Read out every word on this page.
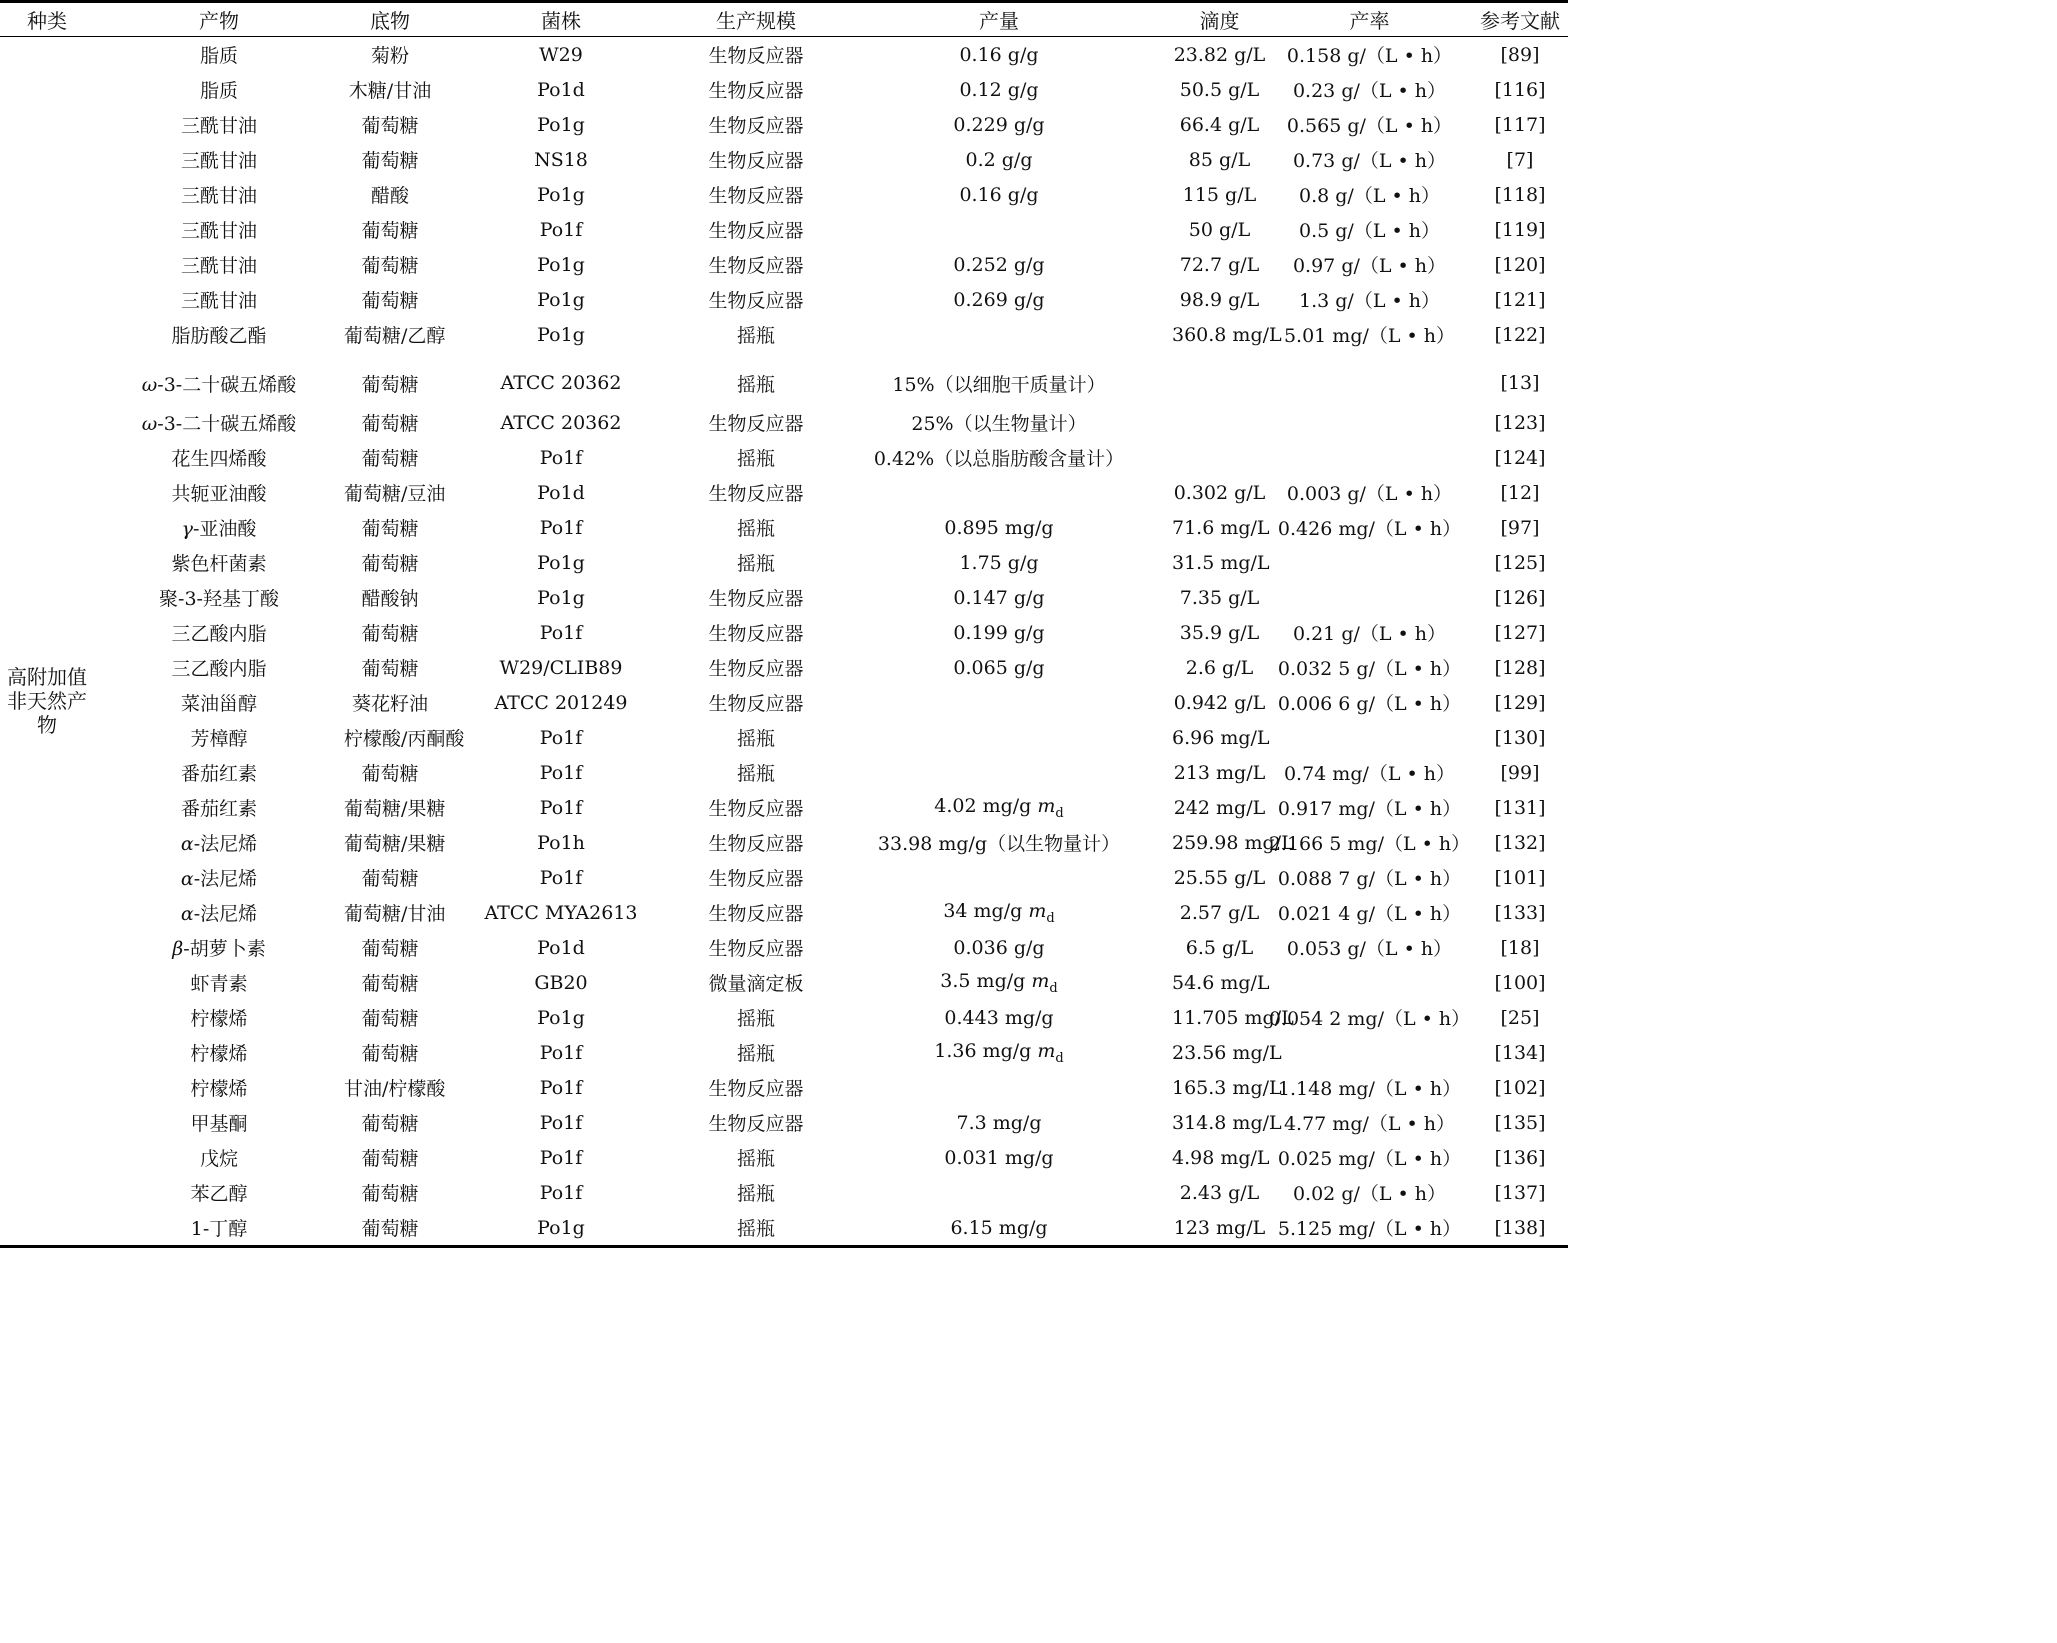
种类	产物	底物	菌株	生产规模	产量	滴度	产率	参考文献
高附加值非天然产物	脂质	菊粉	W29	生物反应器	0.16 g/g	23.82 g/L	0.158 g/（L • h）	[89]
	脂质	木糖/甘油	Po1d	生物反应器	0.12 g/g	50.5 g/L	0.23 g/（L • h）	[116]
	三酰甘油	葡萄糖	Po1g	生物反应器	0.229 g/g	66.4 g/L	0.565 g/（L • h）	[117]
	三酰甘油	葡萄糖	NS18	生物反应器	0.2 g/g	85 g/L	0.73 g/（L • h）	[7]
	三酰甘油	醋酸	Po1g	生物反应器	0.16 g/g	115 g/L	0.8 g/（L • h）	[118]
	三酰甘油	葡萄糖	Po1f	生物反应器		50 g/L	0.5 g/（L • h）	[119]
	三酰甘油	葡萄糖	Po1g	生物反应器	0.252 g/g	72.7 g/L	0.97 g/（L • h）	[120]
	三酰甘油	葡萄糖	Po1g	生物反应器	0.269 g/g	98.9 g/L	1.3 g/（L • h）	[121]
	脂肪酸乙酯	葡萄糖/乙醇	Po1g	摇瓶		360.8 mg/L	5.01 mg/（L • h）	[122]
	ω-3-二十碳五烯酸	葡萄糖	ATCC 20362	摇瓶	15%（以细胞干质量计）			[13]
	ω-3-二十碳五烯酸	葡萄糖	ATCC 20362	生物反应器	25%（以生物量计）			[123]
	花生四烯酸	葡萄糖	Po1f	摇瓶	0.42%（以总脂肪酸含量计）			[124]
	共轭亚油酸	葡萄糖/豆油	Po1d	生物反应器		0.302 g/L	0.003 g/（L • h）	[12]
	γ-亚油酸	葡萄糖	Po1f	摇瓶	0.895 mg/g	71.6 mg/L	0.426 mg/（L • h）	[97]
	紫色杆菌素	葡萄糖	Po1g	摇瓶	1.75 g/g	31.5 mg/L		[125]
	聚-3-羟基丁酸	醋酸钠	Po1g	生物反应器	0.147 g/g	7.35 g/L		[126]
	三乙酸内脂	葡萄糖	Po1f	生物反应器	0.199 g/g	35.9 g/L	0.21 g/（L • h）	[127]
	三乙酸内脂	葡萄糖	W29/CLIB89	生物反应器	0.065 g/g	2.6 g/L	0.032 5 g/（L • h）	[128]
	菜油甾醇	葵花籽油	ATCC 201249	生物反应器		0.942 g/L	0.006 6 g/（L • h）	[129]
	芳樟醇	柠檬酸/丙酮酸	Po1f	摇瓶		6.96 mg/L		[130]
	番茄红素	葡萄糖	Po1f	摇瓶		213 mg/L	0.74 mg/（L • h）	[99]
	番茄红素	葡萄糖/果糖	Po1f	生物反应器	4.02 mg/g $m_d$	242 mg/L	0.917 mg/（L • h）	[131]
	α-法尼烯	葡萄糖/果糖	Po1h	生物反应器	33.98 mg/g（以生物量计）	259.98 mg/L	2.166 5 mg/（L • h）	[132]
	α-法尼烯	葡萄糖	Po1f	生物反应器		25.55 g/L	0.088 7 g/（L • h）	[101]
	α-法尼烯	葡萄糖/甘油	ATCC MYA2613	生物反应器	34 mg/g $m_d$	2.57 g/L	0.021 4 g/（L • h）	[133]
	β-胡萝卜素	葡萄糖	Po1d	生物反应器	0.036 g/g	6.5 g/L	0.053 g/（L • h）	[18]
	虾青素	葡萄糖	GB20	微量滴定板	3.5 mg/g $m_d$	54.6 mg/L		[100]
	柠檬烯	葡萄糖	Po1g	摇瓶	0.443 mg/g	11.705 mg/L	0.054 2 mg/（L • h）	[25]
	柠檬烯	葡萄糖	Po1f	摇瓶	1.36 mg/g $m_d$	23.56 mg/L		[134]
	柠檬烯	甘油/柠檬酸	Po1f	生物反应器		165.3 mg/L	1.148 mg/（L • h）	[102]
	甲基酮	葡萄糖	Po1f	生物反应器	7.3 mg/g	314.8 mg/L	4.77 mg/（L • h）	[135]
	戊烷	葡萄糖	Po1f	摇瓶	0.031 mg/g	4.98 mg/L	0.025 mg/（L • h）	[136]
	苯乙醇	葡萄糖	Po1f	摇瓶		2.43 g/L	0.02 g/（L • h）	[137]
	1-丁醇	葡萄糖	Po1g	摇瓶	6.15 mg/g	123 mg/L	5.125 mg/（L • h）	[138]
